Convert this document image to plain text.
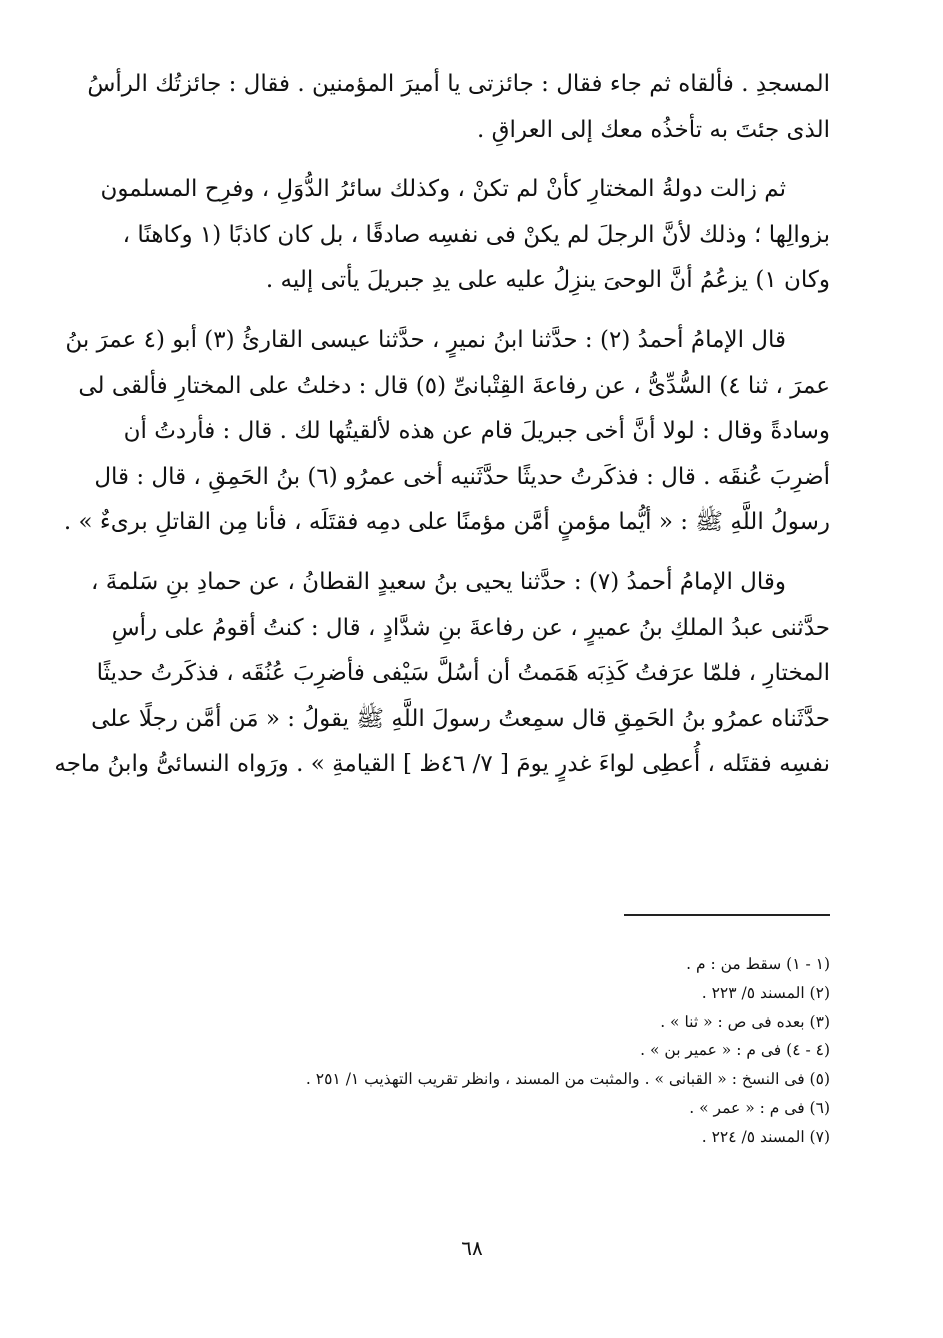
المسجدِ . فألقاه ثم جاء فقال : جائزتى يا أميرَ المؤمنين . فقال : جائزتُك الرأسُ
الذى جئتَ به تأخذُه معك إلى العراقِ .
ثم زالت دولةُ المختارِ كأنْ لم تكنْ ، وكذلك سائرُ الدُّوَلِ ، وفرِح المسلمون
بزوالِها ؛ وذلك لأنَّ الرجلَ لم يكنْ فى نفسِه صادقًا ، بل كان كاذبًا (١ وكاهنًا ،
وكان ١) يزعُمُ أنَّ الوحىَ ينزِلُ عليه على يدِ جبريلَ يأتى إليه .
قال الإمامُ أحمدُ (٢) : حدَّثنا ابنُ نميرٍ ، حدَّثنا عيسى القارئُ (٣) أبو (٤ عمرَ بنُ
عمرَ ، ثنا ٤) السُّدِّىُّ ، عن رفاعةَ القِتْبانىِّ (٥) قال : دخلتُ على المختارِ فألقى لى
وسادةً وقال : لولا أنَّ أخى جبريلَ قام عن هذه لألقيتُها لك . قال : فأردتُ أن
أضرِبَ عُنقَه . قال : فذكَرتُ حديثًا حدَّثَنيه أخى عمرُو (٦) بنُ الحَمِقِ ، قال : قال
رسولُ اللَّهِ ﷺ : « أيُّما مؤمنٍ أمَّن مؤمنًا على دمِه فقتَلَه ، فأنا مِن القاتلِ برىءٌ » .
وقال الإمامُ أحمدُ (٧) : حدَّثنا يحيى بنُ سعيدٍ القطانُ ، عن حمادِ بنِ سَلمةَ ،
حدَّثنى عبدُ الملكِ بنُ عميرٍ ، عن رفاعةَ بنِ شدَّادٍ ، قال : كنتُ أقومُ على رأسِ
المختارِ ، فلمّا عرَفتُ كَذِبَه هَمَمتُ أن أسُلَّ سَيْفى فأضرِبَ عُنُقَه ، فذكَرتُ حديثًا
حدَّثَناه عمرُو بنُ الحَمِقِ قال سمِعتُ رسولَ اللَّهِ ﷺ يقولُ : « مَن أمَّن رجلًا على
نفسِه فقتَله ، أُعطِى لواءَ غدرٍ يومَ [ ٧/ ٤٦ظ ] القيامةِ » . ورَواه النسائىُّ وابنُ ماجه
(١ - ١) سقط من : م .
(٢) المسند ٥/ ٢٢٣ .
(٣) بعده فى ص : « ثنا » .
(٤ - ٤) فى م : « عمير بن » .
(٥) فى النسخ : « القبانى » . والمثبت من المسند ، وانظر تقريب التهذيب ١/ ٢٥١ .
(٦) فى م : « عمر » .
(٧) المسند ٥/ ٢٢٤ .
٦٨
